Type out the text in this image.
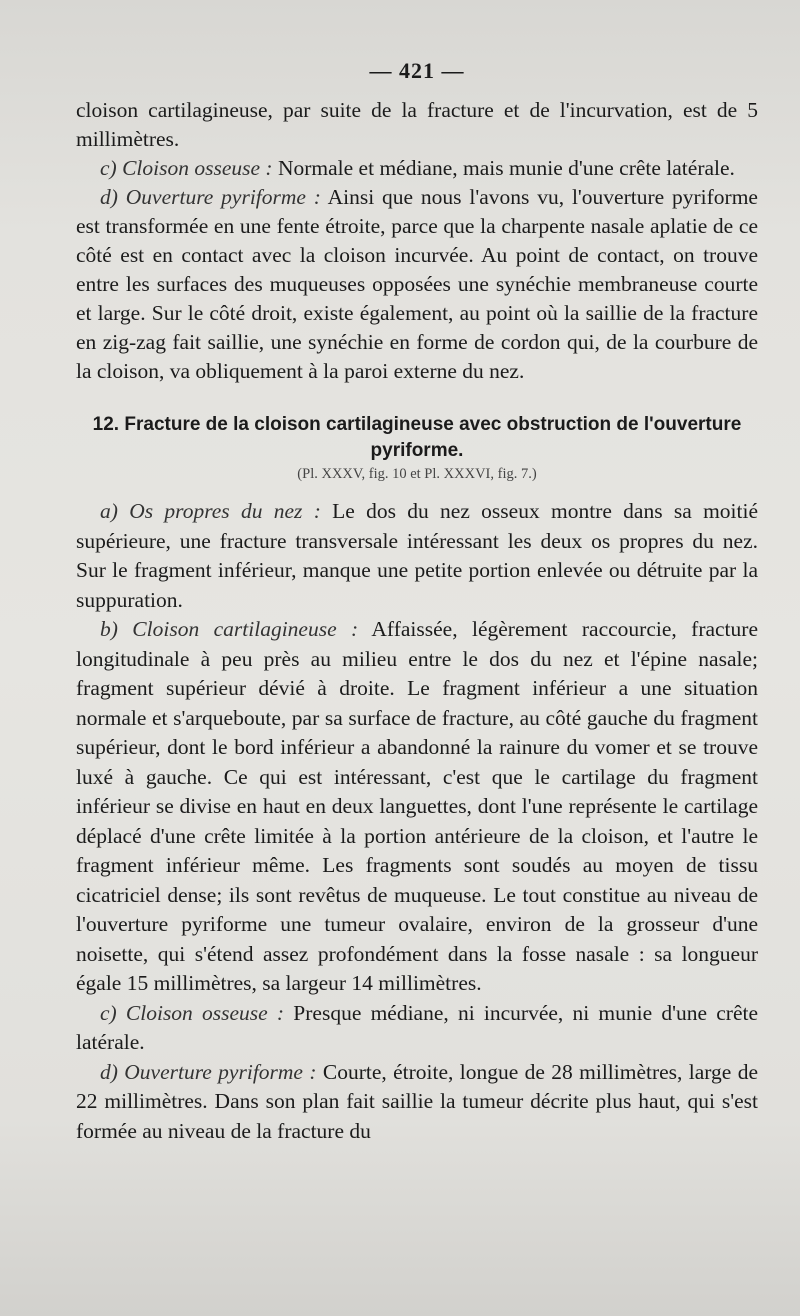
— 421 —

cloison cartilagineuse, par suite de la fracture et de l'incurvation, est de 5 millimètres.

c) Cloison osseuse : Normale et médiane, mais munie d'une crête latérale.

d) Ouverture pyriforme : Ainsi que nous l'avons vu, l'ouverture pyriforme est transformée en une fente étroite, parce que la charpente nasale aplatie de ce côté est en contact avec la cloison incurvée. Au point de contact, on trouve entre les surfaces des muqueuses opposées une synéchie membraneuse courte et large. Sur le côté droit, existe également, au point où la saillie de la fracture en zig-zag fait saillie, une synéchie en forme de cordon qui, de la courbure de la cloison, va obliquement à la paroi externe du nez.

12. Fracture de la cloison cartilagineuse avec obstruction de l'ouverture pyriforme.
(Pl. XXXV, fig. 10 et Pl. XXXVI, fig. 7.)

a) Os propres du nez : Le dos du nez osseux montre dans sa moitié supérieure, une fracture transversale intéressant les deux os propres du nez. Sur le fragment inférieur, manque une petite portion enlevée ou détruite par la suppuration.

b) Cloison cartilagineuse : Affaissée, légèrement raccourcie, fracture longitudinale à peu près au milieu entre le dos du nez et l'épine nasale; fragment supérieur dévié à droite. Le fragment inférieur a une situation normale et s'arqueboute, par sa surface de fracture, au côté gauche du fragment supérieur, dont le bord inférieur a abandonné la rainure du vomer et se trouve luxé à gauche. Ce qui est intéressant, c'est que le cartilage du fragment inférieur se divise en haut en deux languettes, dont l'une représente le cartilage déplacé d'une crête limitée à la portion antérieure de la cloison, et l'autre le fragment inférieur même. Les fragments sont soudés au moyen de tissu cicatriciel dense; ils sont revêtus de muqueuse. Le tout constitue au niveau de l'ouverture pyriforme une tumeur ovalaire, environ de la grosseur d'une noisette, qui s'étend assez profondément dans la fosse nasale : sa longueur égale 15 millimètres, sa largeur 14 millimètres.

c) Cloison osseuse : Presque médiane, ni incurvée, ni munie d'une crête latérale.

d) Ouverture pyriforme : Courte, étroite, longue de 28 millimètres, large de 22 millimètres. Dans son plan fait saillie la tumeur décrite plus haut, qui s'est formée au niveau de la fracture du
